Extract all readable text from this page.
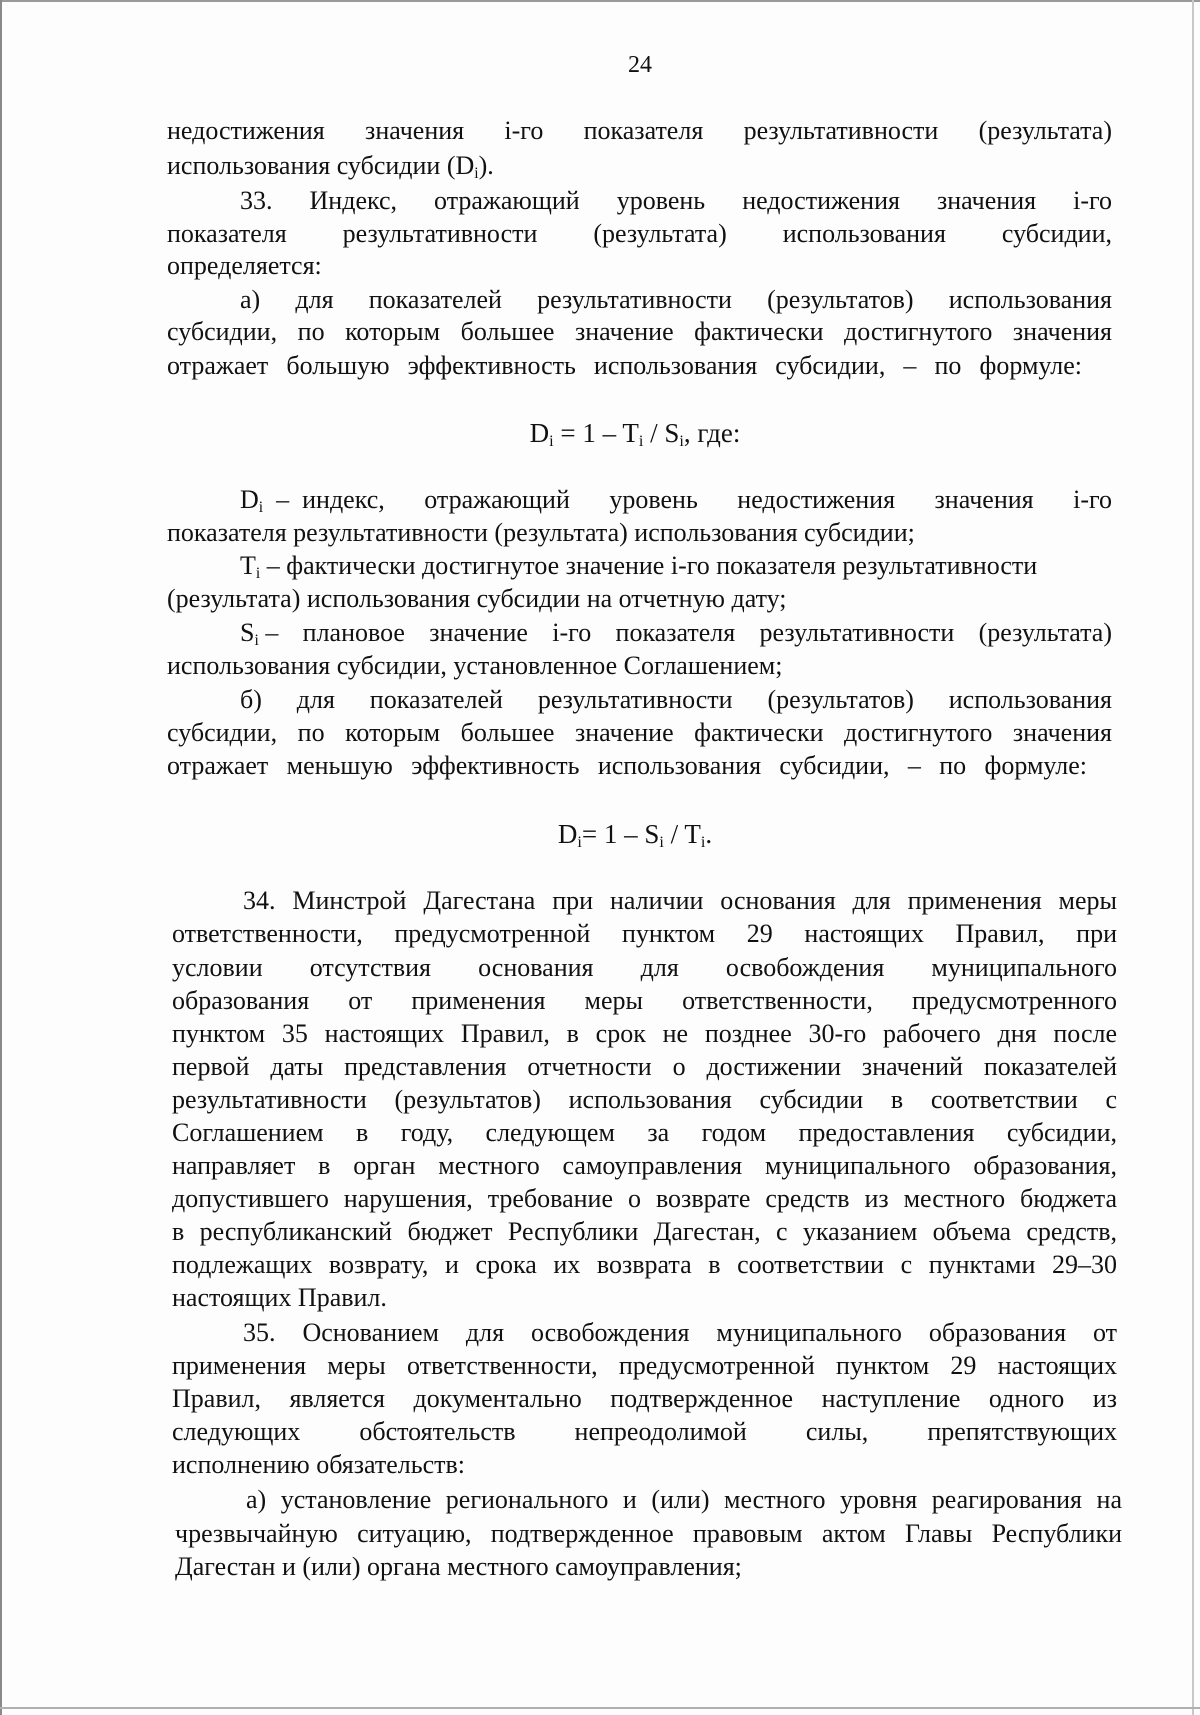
24
недостижения значения i-го показателя результативности (результата)
использования субсидии $(D_i)$.
33. Индекс, отражающий уровень недостижения значения i-го
показателя результативности (результата) использования субсидии,
определяется:
а) для показателей результативности (результатов) использования
субсидии, по которым большее значение фактически достигнутого значения
отражает большую эффективность использования субсидии, – по формуле:
$D_i = 1 - T_i / S_i$, где:
$D_i$ – индекс, отражающий уровень недостижения значения i-го
показателя результативности (результата) использования субсидии;
$T_i$ – фактически достигнутое значение i-го показателя результативности
(результата) использования субсидии на отчетную дату;
$S_i$ – плановое значение i-го показателя результативности (результата)
использования субсидии, установленное Соглашением;
б) для показателей результативности (результатов) использования
субсидии, по которым большее значение фактически достигнутого значения
отражает меньшую эффективность использования субсидии, – по формуле:
$D_i= 1 - S_i / T_i$.
34. Минстрой Дагестана при наличии основания для применения меры
ответственности, предусмотренной пунктом 29 настоящих Правил, при
условии отсутствия основания для освобождения муниципального
образования от применения меры ответственности, предусмотренного
пунктом 35 настоящих Правил, в срок не позднее 30-го рабочего дня после
первой даты представления отчетности о достижении значений показателей
результативности (результатов) использования субсидии в соответствии с
Соглашением в году, следующем за годом предоставления субсидии,
направляет в орган местного самоуправления муниципального образования,
допустившего нарушения, требование о возврате средств из местного бюджета
в республиканский бюджет Республики Дагестан, с указанием объема средств,
подлежащих возврату, и срока их возврата в соответствии с пунктами 29–30
настоящих Правил.
35. Основанием для освобождения муниципального образования от
применения меры ответственности, предусмотренной пунктом 29 настоящих
Правил, является документально подтвержденное наступление одного из
следующих обстоятельств непреодолимой силы, препятствующих
исполнению обязательств:
а) установление регионального и (или) местного уровня реагирования на
чрезвычайную ситуацию, подтвержденное правовым актом Главы Республики
Дагестан и (или) органа местного самоуправления;
